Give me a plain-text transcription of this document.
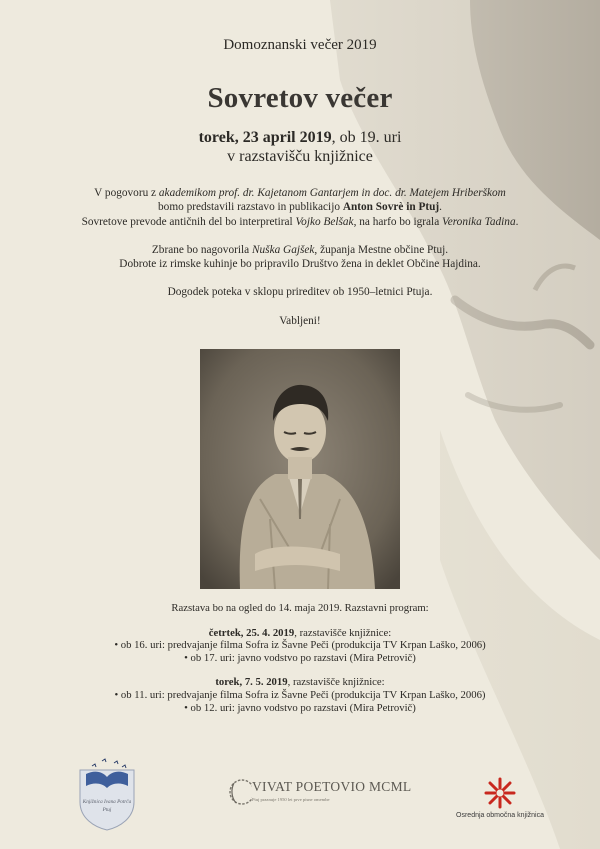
Domoznanski večer 2019
Sovretov večer
torek, 23 april 2019, ob 19. uri
v razstavišču knjižnice

V pogovoru z akademikom prof. dr. Kajetanom Gantarjem in doc. dr. Matejem Hriberškom
bomo predstavili razstavo in publikacijo Anton Sovrè in Ptuj.
Sovretove prevode antičnih del bo interpretiral Vojko Belšak, na harfo bo igrala Veronika Tadina.

Zbrane bo nagovorila Nuška Gajšek, županja Mestne občine Ptuj.
Dobrote iz rimske kuhinje bo pripravilo Društvo žena in deklet Občine Hajdina.

Dogodek poteka v sklopu prireditev ob 1950–letnici Ptuja.

Vabljeni!

Razstava bo na ogled do 14. maja 2019. Razstavni program:

četrtek, 25. 4. 2019, razstavišče knjižnice:
• ob 16. uri: predvajanje filma Sofra iz Šavne Peči (produkcija TV Krpan Laško, 2006)
• ob 17. uri: javno vodstvo po razstavi (Mira Petrovič)

torek, 7. 5. 2019, razstavišče knjižnice:
• ob 11. uri: predvajanje filma Sofra iz Šavne Peči (produkcija TV Krpan Laško, 2006)
• ob 12. uri: javno vodstvo po razstavi (Mira Petrovič)

Knjižnica Ivana Potrča
Ptuj
VIVAT POETOVIO MCML
Ptuj praznuje 1950 let prve pisne omembe
Osrednja območna knjižnica
